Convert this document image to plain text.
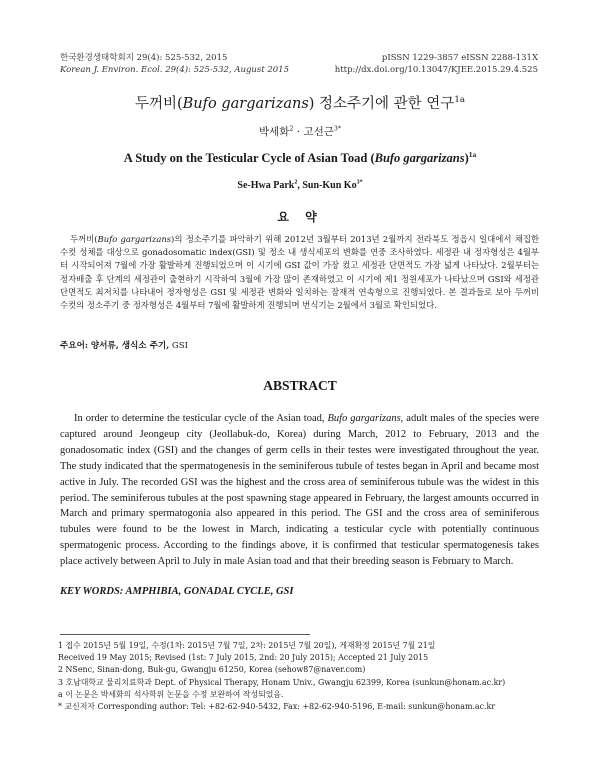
한국환경생태학회지 29(4): 525-532, 2015
Korean J. Environ. Ecol. 29(4): 525-532, August 2015
pISSN 1229-3857 eISSN 2288-131X
http://dx.doi.org/10.13047/KJEE.2015.29.4.525
두꺼비(Bufo gargarizans) 정소주기에 관한 연구$^{1a}$
박세화$^2$ · 고선근$^{3*}$
A Study on the Testicular Cycle of Asian Toad (Bufo gargarizans)$^{1a}$
Se-Hwa Park$^2$, Sun-Kun $Ko^{3*}$
요 약
두꺼비(Bufo gargarizans)의 정소주기를 파악하기 위해 2012년 3월부터 2013년 2월까지 전라북도 정읍시 일대에서 채집한 수컷 성체를 대상으로 gonadosomatic index(GSI) 및 정소 내 생식세포의 변화를 연중 조사하였다. 세정관 내 정자형성은 4월부터 시작되어져 7월에 가장 활발하게 진행되었으며 이 시기에 GSI 값이 가장 컸고 세정관 단면적도 가장 넓게 나타났다. 2월부터는 정자배출 후 단계의 세정관이 출현하기 시작하여 3월에 가장 많이 존재하였고 이 시기에 제1 정원세포가 나타났으며 GSI와 세정관 단면적도 최저치를 나타내어 정자형성은 GSI 및 세정관 변화와 일치하는 잠재적 연속형으로 진행되었다. 본 결과들로 보아 두꺼비 수컷의 정소주기 중 정자형성은 4월부터 7월에 활발하게 진행되며 번식기는 2월에서 3월로 확인되었다.
주요어: 양서류, 생식소 주기, GSI
ABSTRACT
In order to determine the testicular cycle of the Asian toad, Bufo gargarizans, adult males of the species were captured around Jeongeup city (Jeollabuk-do, Korea) during March, 2012 to February, 2013 and the gonadosomatic index (GSI) and the changes of germ cells in their testes were investigated throughout the year. The study indicated that the spermatogenesis in the seminiferous tubule of testes began in April and became most active in July. The recorded GSI was the highest and the cross area of seminiferous tubule was the widest in this period. The seminiferous tubules at the post spawning stage appeared in February, the largest amounts occurred in March and primary spermatogonia also appeared in this period. The GSI and the cross area of seminiferous tubules were found to be the lowest in March, indicating a testicular cycle with potentially continuous spermatogenic process. According to the findings above, it is confirmed that testicular spermatogenesis takes place actively between April to July in male Asian toad and that their breeding season is February to March.
KEY WORDS: AMPHIBIA, GONADAL CYCLE, GSI
1 접수 2015년 5월 19일, 수정(1차: 2015년 7월 7일, 2차: 2015년 7월 20일), 게재확정 2015년 7월 21일
Received 19 May 2015; Revised (1st: 7 July 2015, 2nd: 20 July 2015); Accepted 21 July 2015
2 NSenc, Sinan-dong, Buk-gu, Gwangju 61250, Korea (sehow87@naver.com)
3 호남대학교 물리치료학과 Dept. of Physical Therapy, Honam Univ., Gwangju 62399, Korea (sunkun@honam.ac.kr)
a 이 논문은 박세화의 석사학위 논문을 수정 보완하여 작성되었음.
* 교신저자 Corresponding author: Tel: +82-62-940-5432, Fax: +82-62-940-5196, E-mail: sunkun@honam.ac.kr
